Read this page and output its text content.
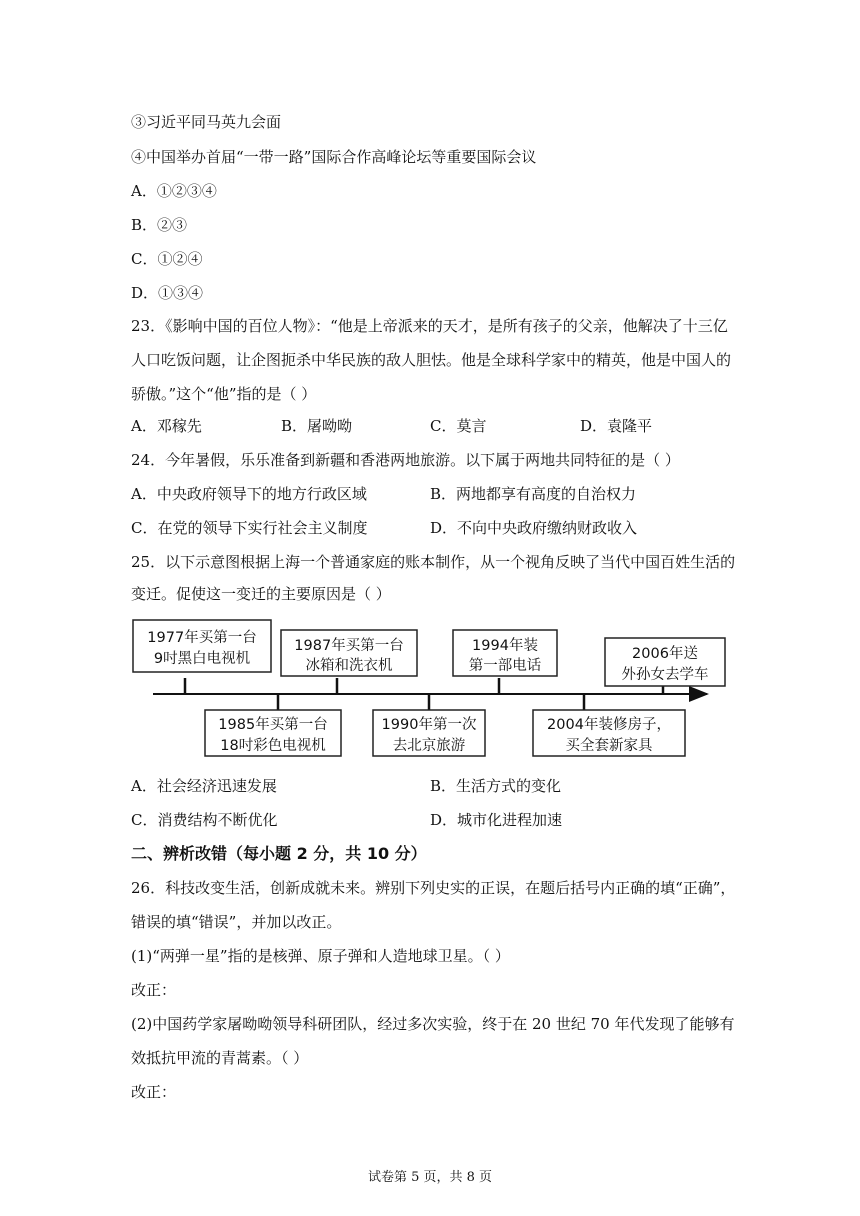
③习近平同马英九会面
④中国举办首届“一带一路”国际合作高峰论坛等重要国际会议
A．①②③④
B．②③
C．①②④
D．①③④
23．《影响中国的百位人物》：“他是上帝派来的天才，是所有孩子的父亲，他解决了十三亿
人口吃饭问题，让企图扼杀中华民族的敌人胆怯。他是全球科学家中的精英，他是中国人的
骄傲。”这个“他”指的是（ ）
A．邓稼先	B．屠呦呦	C．莫言	D．袁隆平
24．今年暑假，乐乐准备到新疆和香港两地旅游。以下属于两地共同特征的是（ ）
A．中央政府领导下的地方行政区域	B．两地都享有高度的自治权力
C．在党的领导下实行社会主义制度	D．不向中央政府缴纳财政收入
25．以下示意图根据上海一个普通家庭的账本制作，从一个视角反映了当代中国百姓生活的
变迁。促使这一变迁的主要原因是（ ）
1977年买第一台
9吋黑白电视机
1987年买第一台
冰箱和洗衣机
1994年装
第一部电话
2006年送
外孙女去学车
1985年买第一台
18吋彩色电视机
1990年第一次
去北京旅游
2004年装修房子，
买全套新家具
A．社会经济迅速发展	B．生活方式的变化
C．消费结构不断优化	D．城市化进程加速
二、辨析改错（每小题 2 分，共 10 分）
26．科技改变生活，创新成就未来。辨别下列史实的正误，在题后括号内正确的填“正确”，
错误的填“错误”，并加以改正。
(1)“两弹一星”指的是核弹、原子弹和人造地球卫星。（ ）
改正：
(2)中国药学家屠呦呦领导科研团队，经过多次实验，终于在 20 世纪 70 年代发现了能够有
效抵抗甲流的青蒿素。（ ）
改正：
试卷第 5 页，共 8 页
